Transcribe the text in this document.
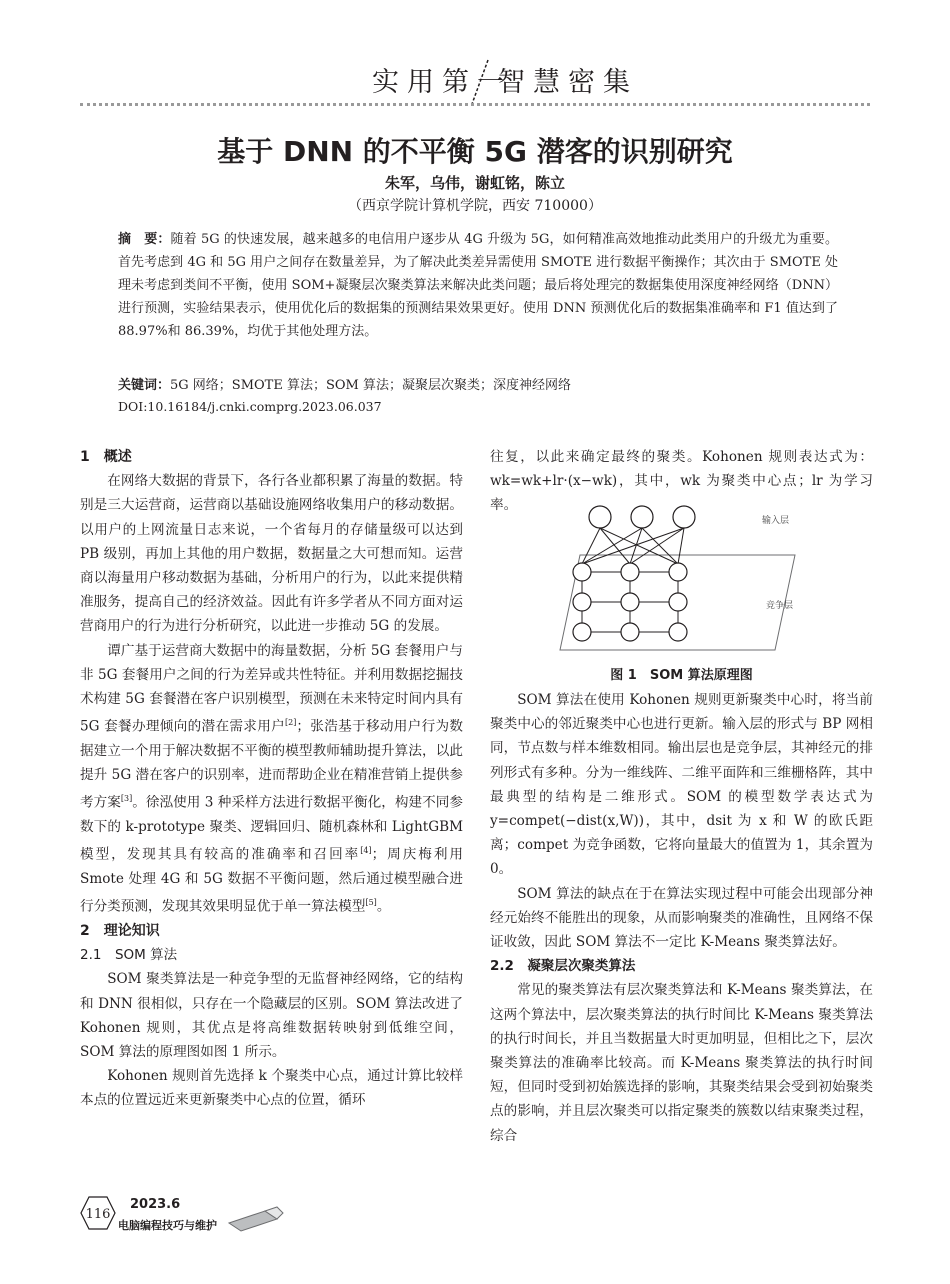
实用第一
智慧密集
基于 DNN 的不平衡 5G 潜客的识别研究
朱军，乌伟，谢虹铭，陈立
（西京学院计算机学院，西安 710000）
摘　要：随着 5G 的快速发展，越来越多的电信用户逐步从 4G 升级为 5G，如何精准高效地推动此类用户的升级尤为重要。首先考虑到 4G 和 5G 用户之间存在数量差异，为了解决此类差异需使用 SMOTE 进行数据平衡操作；其次由于 SMOTE 处理未考虑到类间不平衡，使用 SOM+凝聚层次聚类算法来解决此类问题；最后将处理完的数据集使用深度神经网络（DNN）进行预测，实验结果表示，使用优化后的数据集的预测结果效果更好。使用 DNN 预测优化后的数据集准确率和 F1 值达到了 88.97%和 86.39%，均优于其他处理方法。
关键词：5G 网络；SMOTE 算法；SOM 算法；凝聚层次聚类；深度神经网络
DOI:10.16184/j.cnki.comprg.2023.06.037
1　概述

在网络大数据的背景下，各行各业都积累了海量的数据。特别是三大运营商，运营商以基础设施网络收集用户的移动数据。以用户的上网流量日志来说，一个省每月的存储量级可以达到 PB 级别，再加上其他的用户数据，数据量之大可想而知。运营商以海量用户移动数据为基础，分析用户的行为，以此来提供精准服务，提高自己的经济效益。因此有许多学者从不同方面对运营商用户的行为进行分析研究，以此进一步推动 5G 的发展。

谭广基于运营商大数据中的海量数据，分析 5G 套餐用户与非 5G 套餐用户之间的行为差异或共性特征。并利用数据挖掘技术构建 5G 套餐潜在客户识别模型，预测在未来特定时间内具有 5G 套餐办理倾向的潜在需求用户[2]；张浩基于移动用户行为数据建立一个用于解决数据不平衡的模型教师辅助提升算法，以此提升 5G 潜在客户的识别率，进而帮助企业在精准营销上提供参考方案[3]。徐泓使用 3 种采样方法进行数据平衡化，构建不同参数下的 k-prototype 聚类、逻辑回归、随机森林和 LightGBM 模型，发现其具有较高的准确率和召回率[4]；周庆梅利用 Smote 处理 4G 和 5G 数据不平衡问题，然后通过模型融合进行分类预测，发现其效果明显优于单一算法模型[5]。

2　理论知识
2.1　SOM 算法

SOM 聚类算法是一种竞争型的无监督神经网络，它的结构和 DNN 很相似，只存在一个隐藏层的区别。SOM 算法改进了 Kohonen 规则，其优点是将高维数据转映射到低维空间，SOM 算法的原理图如图 1 所示。

Kohonen 规则首先选择 k 个聚类中心点，通过计算比较样本点的位置远近来更新聚类中心点的位置，循环

往复，以此来确定最终的聚类。Kohonen 规则表达式为：wk=wk+lr·(x−wk)，其中，wk 为聚类中心点；lr 为学习率。
输入层
竞争层
图 1　SOM 算法原理图

SOM 算法在使用 Kohonen 规则更新聚类中心时，将当前聚类中心的邻近聚类中心也进行更新。输入层的形式与 BP 网相同，节点数与样本维数相同。输出层也是竞争层，其神经元的排列形式有多种。分为一维线阵、二维平面阵和三维栅格阵，其中最典型的结构是二维形式。SOM 的模型数学表达式为 y=compet(−dist(x,W))，其中，dsit 为 x 和 W 的欧氏距离；compet 为竞争函数，它将向量最大的值置为 1，其余置为 0。

SOM 算法的缺点在于在算法实现过程中可能会出现部分神经元始终不能胜出的现象，从而影响聚类的准确性，且网络不保证收敛，因此 SOM 算法不一定比 K-Means 聚类算法好。

2.2　凝聚层次聚类算法

常见的聚类算法有层次聚类算法和 K-Means 聚类算法，在这两个算法中，层次聚类算法的执行时间比 K-Means 聚类算法的执行时间长，并且当数据量大时更加明显，但相比之下，层次聚类算法的准确率比较高。而 K-Means 聚类算法的执行时间短，但同时受到初始簇选择的影响，其聚类结果会受到初始聚类点的影响，并且层次聚类可以指定聚类的簇数以结束聚类过程，综合

116
2023.6
电脑编程技巧与维护
